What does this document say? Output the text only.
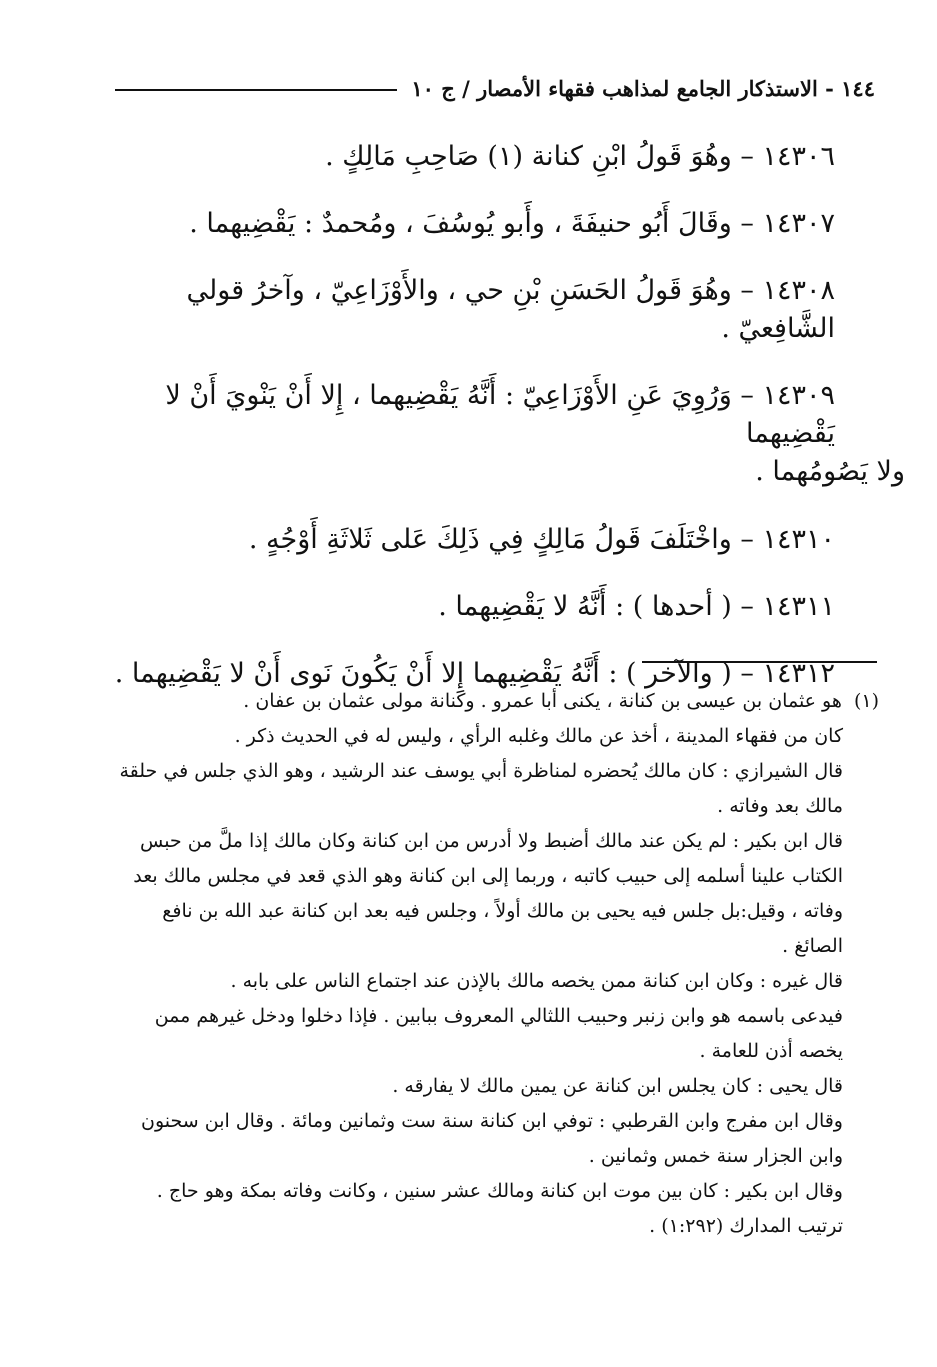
١٤٤ - الاستذكار الجامع لمذاهب فقهاء الأمصار / ج ١٠

١٤٣٠٦ – وهُوَ قَولُ ابْنِ كنانة (١) صَاحِبِ مَالِكٍ .

١٤٣٠٧ – وقَالَ أَبُو حنيفَةَ ، وأَبو يُوسُفَ ، ومُحمدٌ : يَقْضِيهما .

١٤٣٠٨ – وهُوَ قَولُ الحَسَنِ بْنِ حي ، والأَوْزَاعِيّ ، وآخرُ قولي الشَّافِعيّ .

١٤٣٠٩ – وَرُوِيَ عَنِ الأَوْزَاعِيّ : أَنَّهُ يَقْضِيهما ، إِلا أَنْ يَنْويَ أَنْ لا يَقْضِيهما
ولا يَصُومُهما .

١٤٣١٠ – واخْتَلَفَ قَولُ مَالِكٍ فِي ذَلِكَ عَلى ثَلاثَةِ أَوْجُهٍ .

١٤٣١١ – ( أحدها ) : أَنَّهُ لا يَقْضِيهما .

١٤٣١٢ – ( والآخر ) : أَنَّهُ يَقْضِيهما إِلا أَنْ يَكُونَ نَوى أَنْ لا يَقْضِيهما .

(١) هو عثمان بن عيسى بن كنانة ، يكنى أبا عمرو . وكنانة مولى عثمان بن عفان .

كان من فقهاء المدينة ، أخذ عن مالك وغلبه الرأي ، وليس له في الحديث ذكر .

قال الشيرازي : كان مالك يُحضره لمناظرة أبي يوسف عند الرشيد ، وهو الذي جلس في حلقة مالك بعد وفاته .

قال ابن بكير : لم يكن عند مالك أضبط ولا أدرس من ابن كنانة وكان مالك إذا ملَّ من حبس الكتاب علينا أسلمه إلى حبيب كاتبه ، وربما إلى ابن كنانة وهو الذي قعد في مجلس مالك بعد وفاته ، وقيل:بل جلس فيه يحيى بن مالك أولاً ، وجلس فيه بعد ابن كنانة عبد الله بن نافع الصائغ .

قال غيره : وكان ابن كنانة ممن يخصه مالك بالإذن عند اجتماع الناس على بابه .

فيدعى باسمه هو وابن زنبر وحبيب اللثالي المعروف ببابين . فإذا دخلوا ودخل غيرهم ممن يخصه أذن للعامة .

قال يحيى : كان يجلس ابن كنانة عن يمين مالك لا يفارقه .

وقال ابن مفرج وابن القرطبي : توفي ابن كنانة سنة ست وثمانين ومائة . وقال ابن سحنون وابن الجزار سنة خمس وثمانين .

وقال ابن بكير : كان بين موت ابن كنانة ومالك عشر سنين ، وكانت وفاته بمكة وهو حاج . ترتيب المدارك (١:٢٩٢) .
